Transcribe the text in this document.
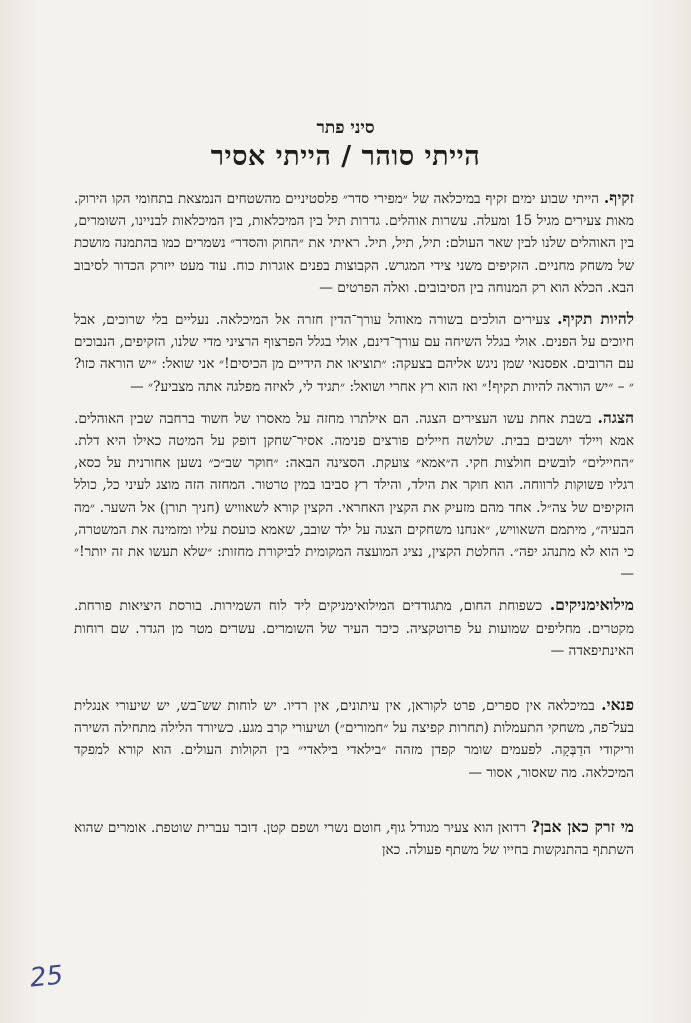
סיני פתר
הייתי סוהר / הייתי אסיר

זקיף. הייתי שבוע ימים זקיף במיכלאה של ״מפירי סדר״ פלסטיניים מהשטחים הנמצאת בתחומי הקו הירוק. מאות צעירים מגיל 15 ומעלה. עשרות אוהלים. גדרות תיל בין המיכלאות, בין המיכלאות לבניינו, השומרים, בין האוהלים שלנו לבין שאר העולם: תיל, תיל, תיל. ראיתי את ״החוק והסדר״ נשמרים כמו בהתמנה מושכת של משחק מחניים. הזקיפים משני צידי המגרש. הקבוצות בפנים אוגרות כוח. עוד מעט ייזרק הכדור לסיבוב הבא. הכלא הוא רק המנוחה בין הסיבובים. ואלה הפרטים —

להיות תקיף. צעירים הולכים בשורה מאוהל עורך־הדין חזרה אל המיכלאה. נעליים בלי שרוכים, אבל חיוכים על הפנים. אולי בגלל השיחה עם עורך־דינם, אולי בגלל הפרצוף הרציני מדי שלנו, הזקיפים, הנבוכים עם הרובים. אפסנאי שמן ניגש אליהם בצעקה: ״תוציאו את הידיים מן הכיסים!״ אני שואל: ״יש הוראה כזו?״ – ״יש הוראה להיות תקיף!״ ואז הוא רץ אחרי ושואל: ״תגיד לי, לאיזה מפלגה אתה מצביע?״ —

הצגה. בשבת אחת עשו העצירים הצגה. הם אילתרו מחזה על מאסרו של חשוד ברחבה שבין האוהלים. אמא ויילד יושבים בבית. שלושה חיילים פורצים פנימה. אסיר־שחקן דופק על המיטה כאילו היא דלת. ״החיילים״ לובשים חולצות חקי. ה״אמא״ צועקת. הסצינה הבאה: ״חוקר שב״כ״ נשען אחורנית על כסא, רגליו פשוקות לרווחה. הוא חוקר את הילד, והילד רץ סביבו במין טרטור. המחזה הזה מוצג לעיני כל, כולל הזקיפים של צה״ל. אחד מהם מזעיק את הקצין האחראי. הקצין קורא לשאוויש (חניך תורן) אל השער. ״מה הבעיה״, מיתמם השאוויש, ״אנחנו משחקים הצגה על ילד שובב, שאמא כועסת עליו ומזמינה את המשטרה, כי הוא לא מתנהג יפה״. החלטת הקצין, נציג המועצה המקומית לביקורת מחזות: ״שלא תעשו את זה יותר!״ —

מילואימניקים. כשפוחת החום, מתגודדים המילואימניקים ליד לוח השמירות. בורסת היציאות פורחת. מקטרים. מחליפים שמועות על פרוטקציה. כיכר העיר של השומרים. עשרים מטר מן הגדר. שם רוחות האינתיפאדה —

פנאי. במיכלאה אין ספרים, פרט לקוראן, אין עיתונים, אין רדיו. יש לוחות שש־בש, יש שיעורי אנגלית בעל־פה, משחקי התעמלות (תחרות קפיצה על ״חמורים״) ושיעורי קרב מגע. כשיורד הלילה מתחילה השירה וריקודי הדַבְּקָה. לפעמים שומר קפדן מזהה ״בילאדי בילאדי״ בין הקולות העולים. הוא קורא למפקד המיכלאה. מה שאסור, אסור —

מי זרק כאן אבן? רדואן הוא צעיר מגודל גוף, חוטם נשרי ושפם קטן. דובר עברית שוטפת. אומרים שהוא השתתף בהתנקשות בחייו של משתף פעולה. כאן

25
